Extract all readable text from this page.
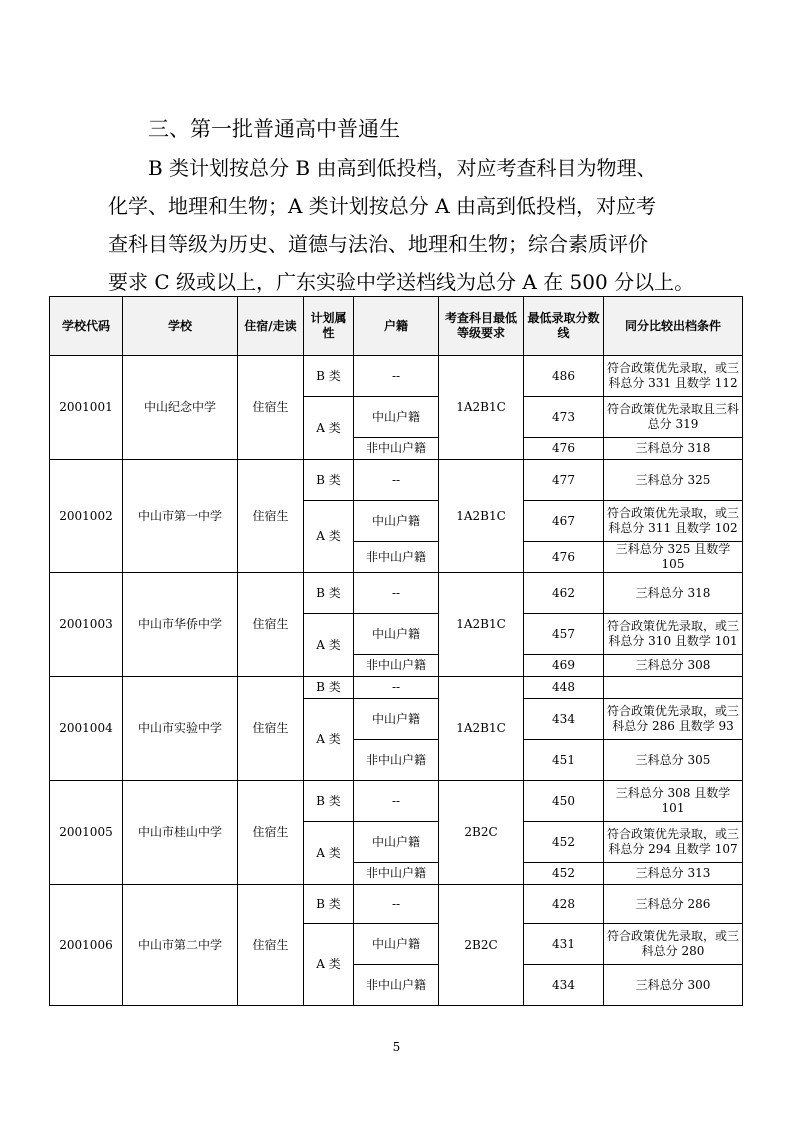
三、第一批普通高中普通生

B 类计划按总分 B 由高到低投档，对应考查科目为物理、

化学、地理和生物；A 类计划按总分 A 由高到低投档，对应考

查科目等级为历史、道德与法治、地理和生物；综合素质评价

要求 C 级或以上，广东实验中学送档线为总分 A 在 500 分以上。

学校代码	学校	住宿/走读	计划属性	户籍	考查科目最低等级要求	最低录取分数线	同分比较出档条件
2001001	中山纪念中学	住宿生	B 类	--	1A2B1C	486	符合政策优先录取，或三科总分 331 且数学 112
			A 类	中山户籍		473	符合政策优先录取且三科总分 319
				非中山户籍		476	三科总分 318
2001002	中山市第一中学	住宿生	B 类	--	1A2B1C	477	三科总分 325
			A 类	中山户籍		467	符合政策优先录取，或三科总分 311 且数学 102
				非中山户籍		476	三科总分 325 且数学 105
2001003	中山市华侨中学	住宿生	B 类	--	1A2B1C	462	三科总分 318
			A 类	中山户籍		457	符合政策优先录取，或三科总分 310 且数学 101
				非中山户籍		469	三科总分 308
2001004	中山市实验中学	住宿生	B 类	--	1A2B1C	448	
			A 类	中山户籍		434	符合政策优先录取，或三科总分 286 且数学 93
				非中山户籍		451	三科总分 305
2001005	中山市桂山中学	住宿生	B 类	--	2B2C	450	三科总分 308 且数学 101
			A 类	中山户籍		452	符合政策优先录取，或三科总分 294 且数学 107
				非中山户籍		452	三科总分 313
2001006	中山市第二中学	住宿生	B 类	--	2B2C	428	三科总分 286
			A 类	中山户籍		431	符合政策优先录取，或三科总分 280
				非中山户籍		434	三科总分 300
5
